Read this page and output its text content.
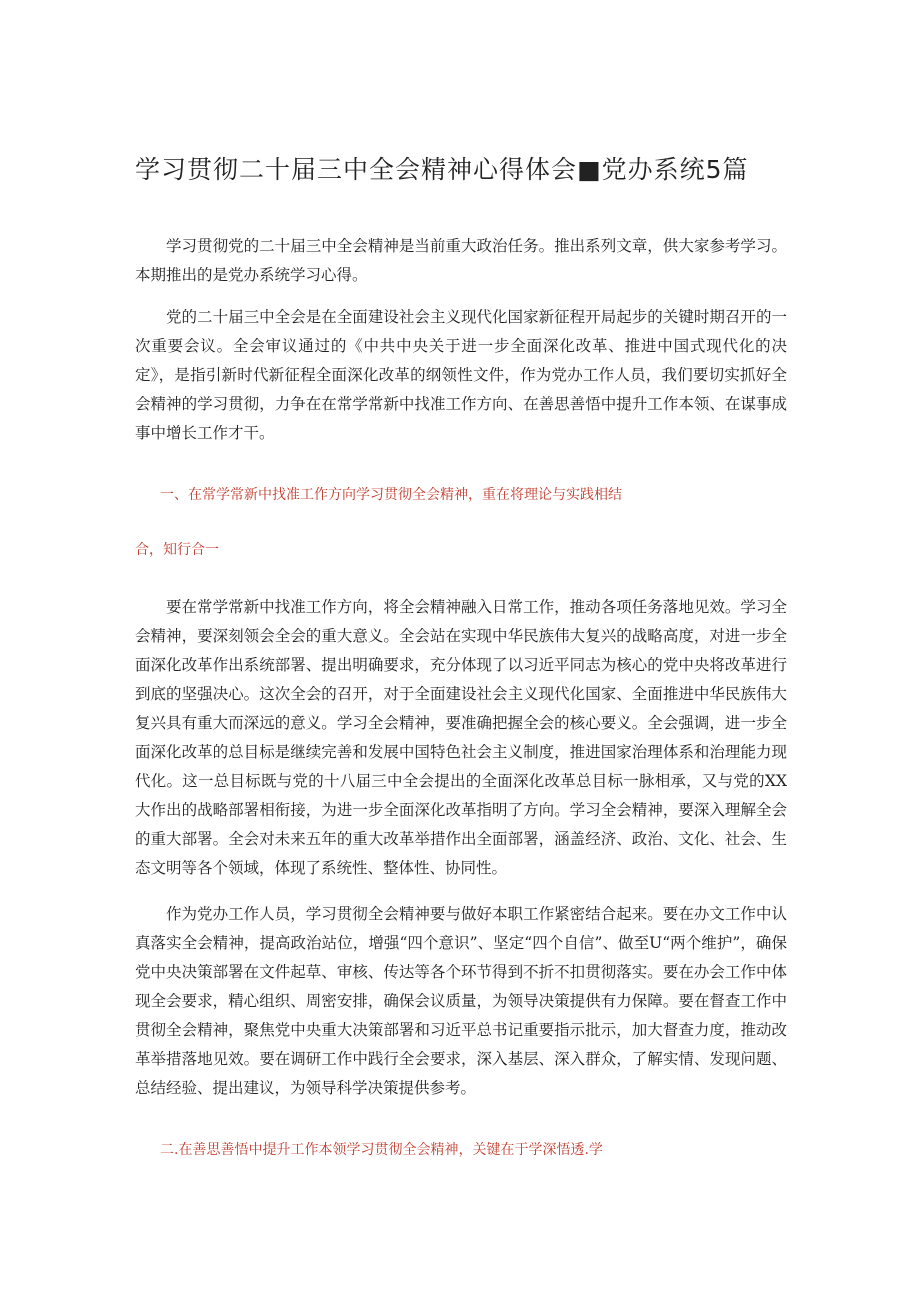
学习贯彻二十届三中全会精神心得体会■党办系统5篇

学习贯彻党的二十届三中全会精神是当前重大政治任务。推出系列文章，供大家参考学习。本期推出的是党办系统学习心得。

党的二十届三中全会是在全面建设社会主义现代化国家新征程开局起步的关键时期召开的一次重要会议。全会审议通过的《中共中央关于进一步全面深化改革、推进中国式现代化的决定》，是指引新时代新征程全面深化改革的纲领性文件，作为党办工作人员，我们要切实抓好全会精神的学习贯彻，力争在在常学常新中找准工作方向、在善思善悟中提升工作本领、在谋事成事中增长工作才干。

一、在常学常新中找准工作方向学习贯彻全会精神，重在将理论与实践相结
合，知行合一

要在常学常新中找准工作方向，将全会精神融入日常工作，推动各项任务落地见效。学习全会精神，要深刻领会全会的重大意义。全会站在实现中华民族伟大复兴的战略高度，对进一步全面深化改革作出系统部署、提出明确要求，充分体现了以习近平同志为核心的党中央将改革进行到底的坚强决心。这次全会的召开，对于全面建设社会主义现代化国家、全面推进中华民族伟大复兴具有重大而深远的意义。学习全会精神，要准确把握全会的核心要义。全会强调，进一步全面深化改革的总目标是继续完善和发展中国特色社会主义制度，推进国家治理体系和治理能力现代化。这一总目标既与党的十八届三中全会提出的全面深化改革总目标一脉相承，又与党的XX大作出的战略部署相衔接，为进一步全面深化改革指明了方向。学习全会精神，要深入理解全会的重大部署。全会对未来五年的重大改革举措作出全面部署，涵盖经济、政治、文化、社会、生态文明等各个领域，体现了系统性、整体性、协同性。

作为党办工作人员，学习贯彻全会精神要与做好本职工作紧密结合起来。要在办文工作中认真落实全会精神，提高政治站位，增强“四个意识”、坚定“四个自信”、做至U“两个维护”，确保党中央决策部署在文件起草、审核、传达等各个环节得到不折不扣贯彻落实。要在办会工作中体现全会要求，精心组织、周密安排，确保会议质量，为领导决策提供有力保障。要在督查工作中贯彻全会精神，聚焦党中央重大决策部署和习近平总书记重要指示批示，加大督查力度，推动改革举措落地见效。要在调研工作中践行全会要求，深入基层、深入群众，了解实情、发现问题、总结经验、提出建议，为领导科学决策提供参考。

二.在善思善悟中提升工作本领学习贯彻全会精神，关键在于学深悟透.学
